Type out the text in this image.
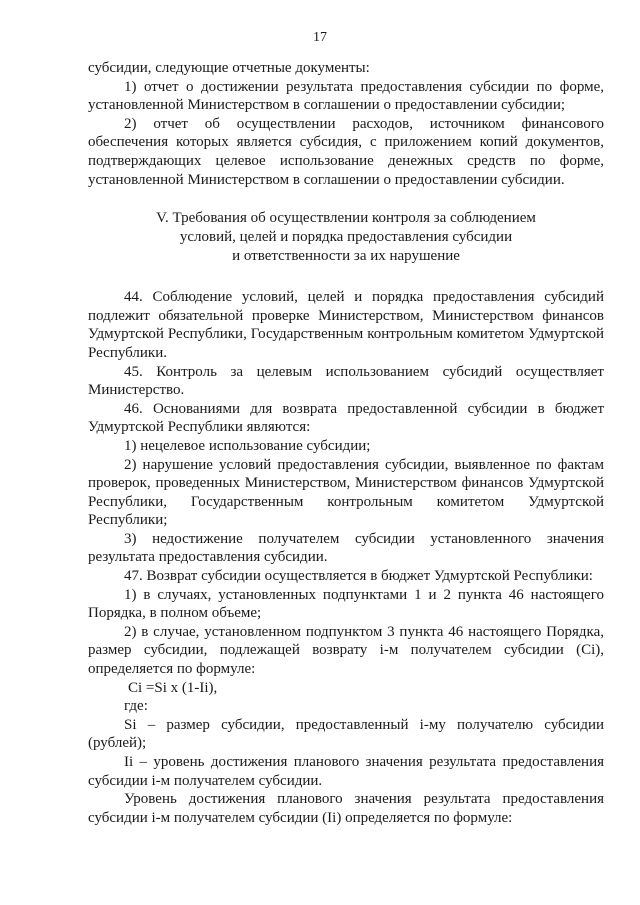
17

субсидии, следующие отчетные документы:

1) отчет о достижении результата предоставления субсидии по форме, установленной Министерством в соглашении о предоставлении субсидии;

2) отчет об осуществлении расходов, источником финансового обеспечения которых является субсидия, с приложением копий документов, подтверждающих целевое использование денежных средств по форме, установленной Министерством в соглашении о предоставлении субсидии.

V. Требования об осуществлении контроля за соблюдением
условий, целей и порядка предоставления субсидии
и ответственности за их нарушение

44. Соблюдение условий, целей и порядка предоставления субсидий подлежит обязательной проверке Министерством, Министерством финансов Удмуртской Республики, Государственным контрольным комитетом Удмуртской Республики.

45. Контроль за целевым использованием субсидий осуществляет Министерство.

46. Основаниями для возврата предоставленной субсидии в бюджет Удмуртской Республики являются:

1) нецелевое использование субсидии;

2) нарушение условий предоставления субсидии, выявленное по фактам проверок, проведенных Министерством, Министерством финансов Удмуртской Республики, Государственным контрольным комитетом Удмуртской Республики;

3) недостижение получателем субсидии установленного значения результата предоставления субсидии.

47. Возврат субсидии осуществляется в бюджет Удмуртской Республики:

1) в случаях, установленных подпунктами 1 и 2 пункта 46 настоящего Порядка, в полном объеме;

2) в случае, установленном подпунктом 3 пункта 46 настоящего Порядка, размер субсидии, подлежащей возврату i-м получателем субсидии (Ci), определяется по формуле:

Ci =Si x (1-Ii),

где:

Si – размер субсидии, предоставленный i-му получателю субсидии (рублей);

Ii – уровень достижения планового значения результата предоставления субсидии i-м получателем субсидии.

Уровень достижения планового значения результата предоставления субсидии i-м получателем субсидии (Ii) определяется по формуле:
